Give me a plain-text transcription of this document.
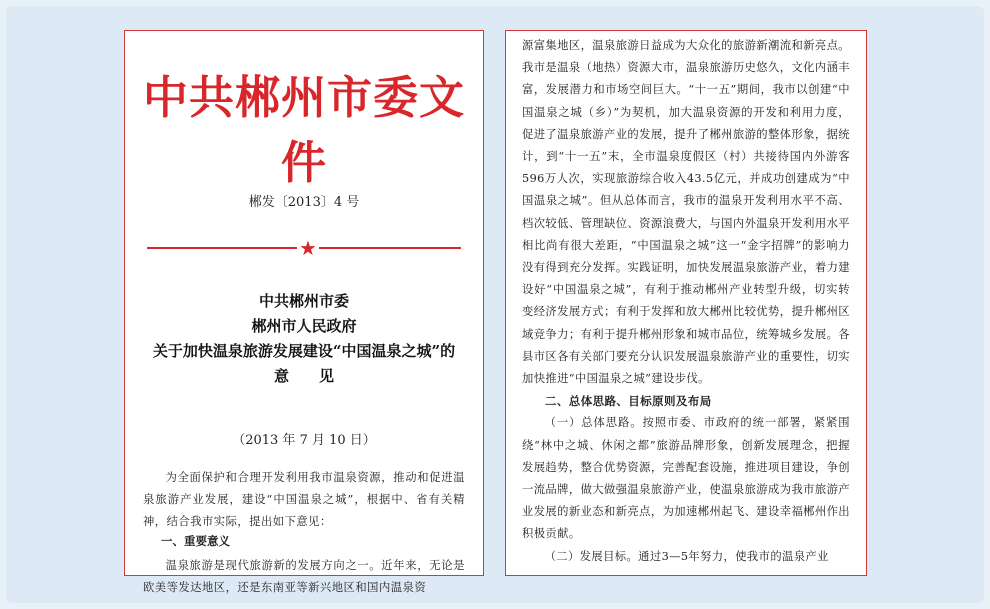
中共郴州市委文件
郴发〔2013〕4 号
★
中共郴州市委
郴州市人民政府
关于加快温泉旅游发展建设“中国温泉之城”的
意　　见
（2013 年 7 月 10 日）
为全面保护和合理开发利用我市温泉资源，推动和促进温泉旅游产业发展，建设“中国温泉之城”，根据中、省有关精神，结合我市实际，提出如下意见：
一、重要意义
温泉旅游是现代旅游新的发展方向之一。近年来，无论是欧美等发达地区，还是东南亚等新兴地区和国内温泉资

源富集地区，温泉旅游日益成为大众化的旅游新潮流和新亮点。我市是温泉（地热）资源大市，温泉旅游历史悠久，文化内涵丰富，发展潜力和市场空间巨大。“十一五”期间，我市以创建“中国温泉之城（乡）”为契机，加大温泉资源的开发和利用力度，促进了温泉旅游产业的发展，提升了郴州旅游的整体形象，据统计，到“十一五”末，全市温泉度假区（村）共接待国内外游客596万人次，实现旅游综合收入43.5亿元，并成功创建成为“中国温泉之城”。但从总体而言，我市的温泉开发利用水平不高、档次较低、管理缺位、资源浪费大，与国内外温泉开发利用水平相比尚有很大差距，“中国温泉之城”这一“金字招牌”的影响力没有得到充分发挥。实践证明，加快发展温泉旅游产业，着力建设好“中国温泉之城”，有利于推动郴州产业转型升级，切实转变经济发展方式；有利于发挥和放大郴州比较优势，提升郴州区域竞争力；有利于提升郴州形象和城市品位，统筹城乡发展。各县市区各有关部门要充分认识发展温泉旅游产业的重要性，切实加快推进“中国温泉之城”建设步伐。

二、总体思路、目标原则及布局

（一）总体思路。按照市委、市政府的统一部署，紧紧围绕“林中之城、休闲之都”旅游品牌形象，创新发展理念，把握发展趋势，整合优势资源，完善配套设施，推进项目建设，争创一流品牌，做大做强温泉旅游产业，使温泉旅游成为我市旅游产业发展的新业态和新亮点，为加速郴州起飞、建设幸福郴州作出积极贡献。

（二）发展目标。通过3—5年努力，使我市的温泉产业
